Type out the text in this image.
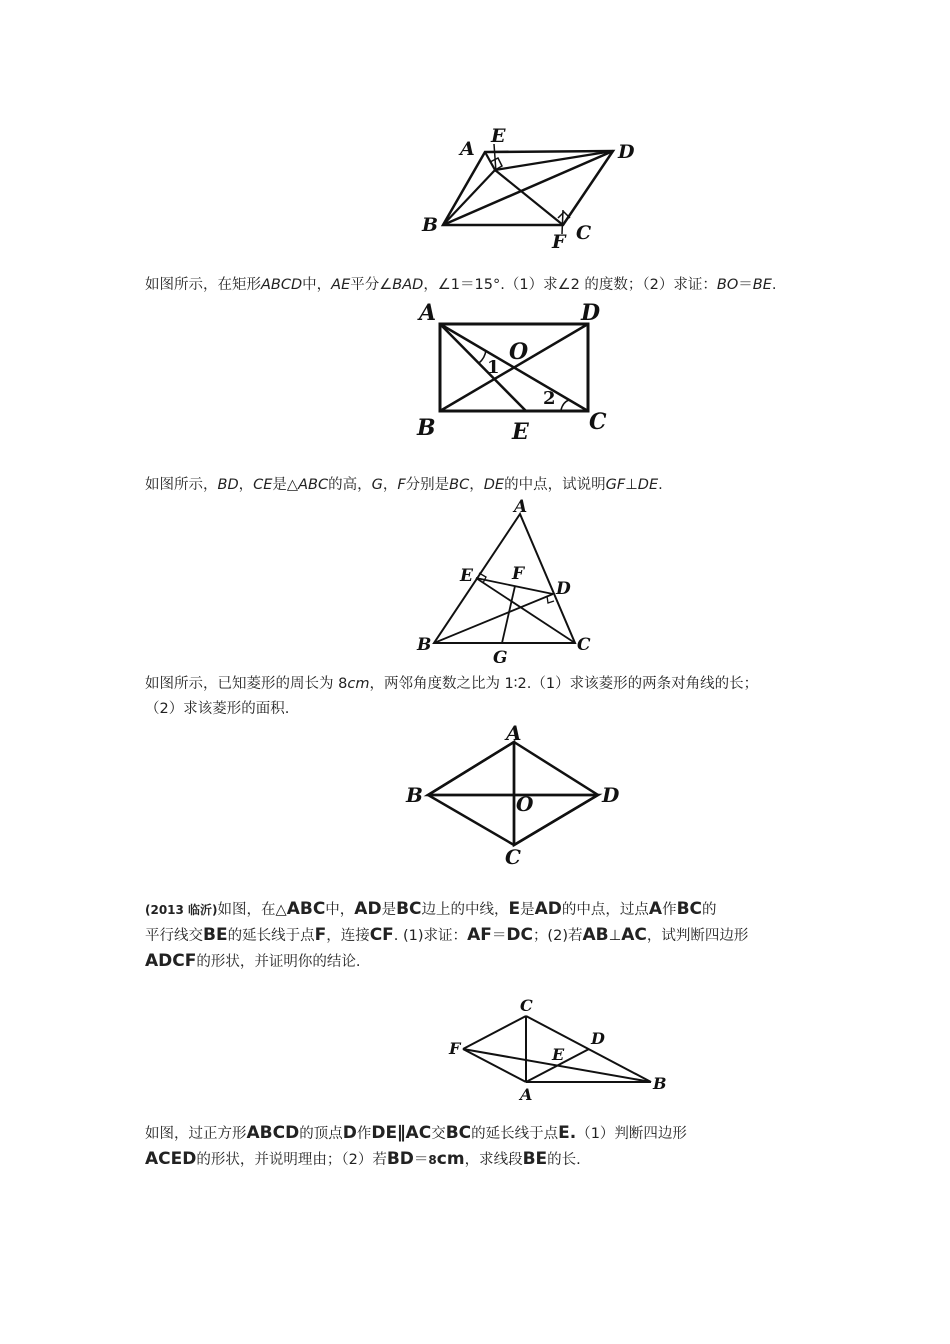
A
E
D
B
F C
如图所示，在矩形ABCD中，AE平分∠BAD，∠1＝15°.（1）求∠2 的度数；（2）求证：BO＝BE.
A	D
O
1
2
B	E	C
如图所示，BD，CE是△ABC的高，G，F分别是BC，DE的中点，试说明GF⊥DE.
A
E F
D
B
G
C
如图所示，已知菱形的周长为 8cm，两邻角度数之比为 1∶2.（1）求该菱形的两条对角线的长；
（2）求该菱形的面积.
A
B	O	D
C
(2013 临沂)如图，在△ABC中，AD是BC边上的中线，E是AD的中点，过点A作BC的
平行线交BE的延长线于点F，连接CF. (1)求证：AF＝DC；(2)若AB⊥AC，试判断四边形
ADCF的形状，并证明你的结论.
C
F
D
E
A
B
如图，过正方形ABCD的顶点D作DE∥AC交BC的延长线于点E.（1）判断四边形
ACED的形状，并说明理由；（2）若BD＝8cm，求线段BE的长.
